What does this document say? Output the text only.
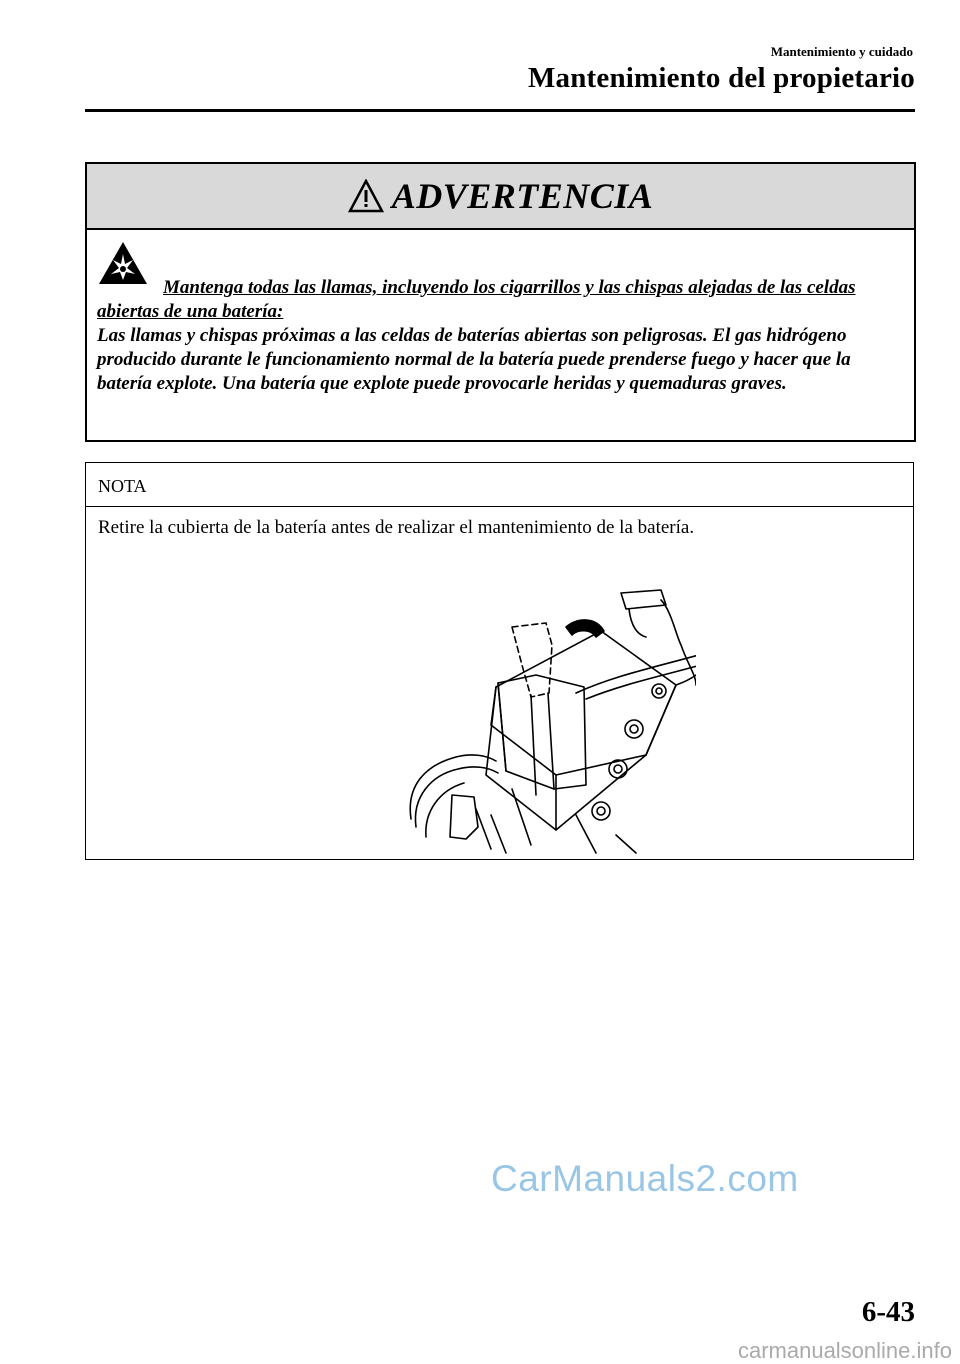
Mantenimiento y cuidado
Mantenimiento del propietario
ADVERTENCIA
Mantenga todas las llamas, incluyendo los cigarrillos y las chispas alejadas de las celdas abiertas de una batería:
Las llamas y chispas próximas a las celdas de baterías abiertas son peligrosas. El gas hidrógeno producido durante le funcionamiento normal de la batería puede prenderse fuego y hacer que la batería explote. Una batería que explote puede provocarle heridas y quemaduras graves.
NOTA
Retire la cubierta de la batería antes de realizar el mantenimiento de la batería.
CarManuals2.com
6-43
carmanualsonline.info
